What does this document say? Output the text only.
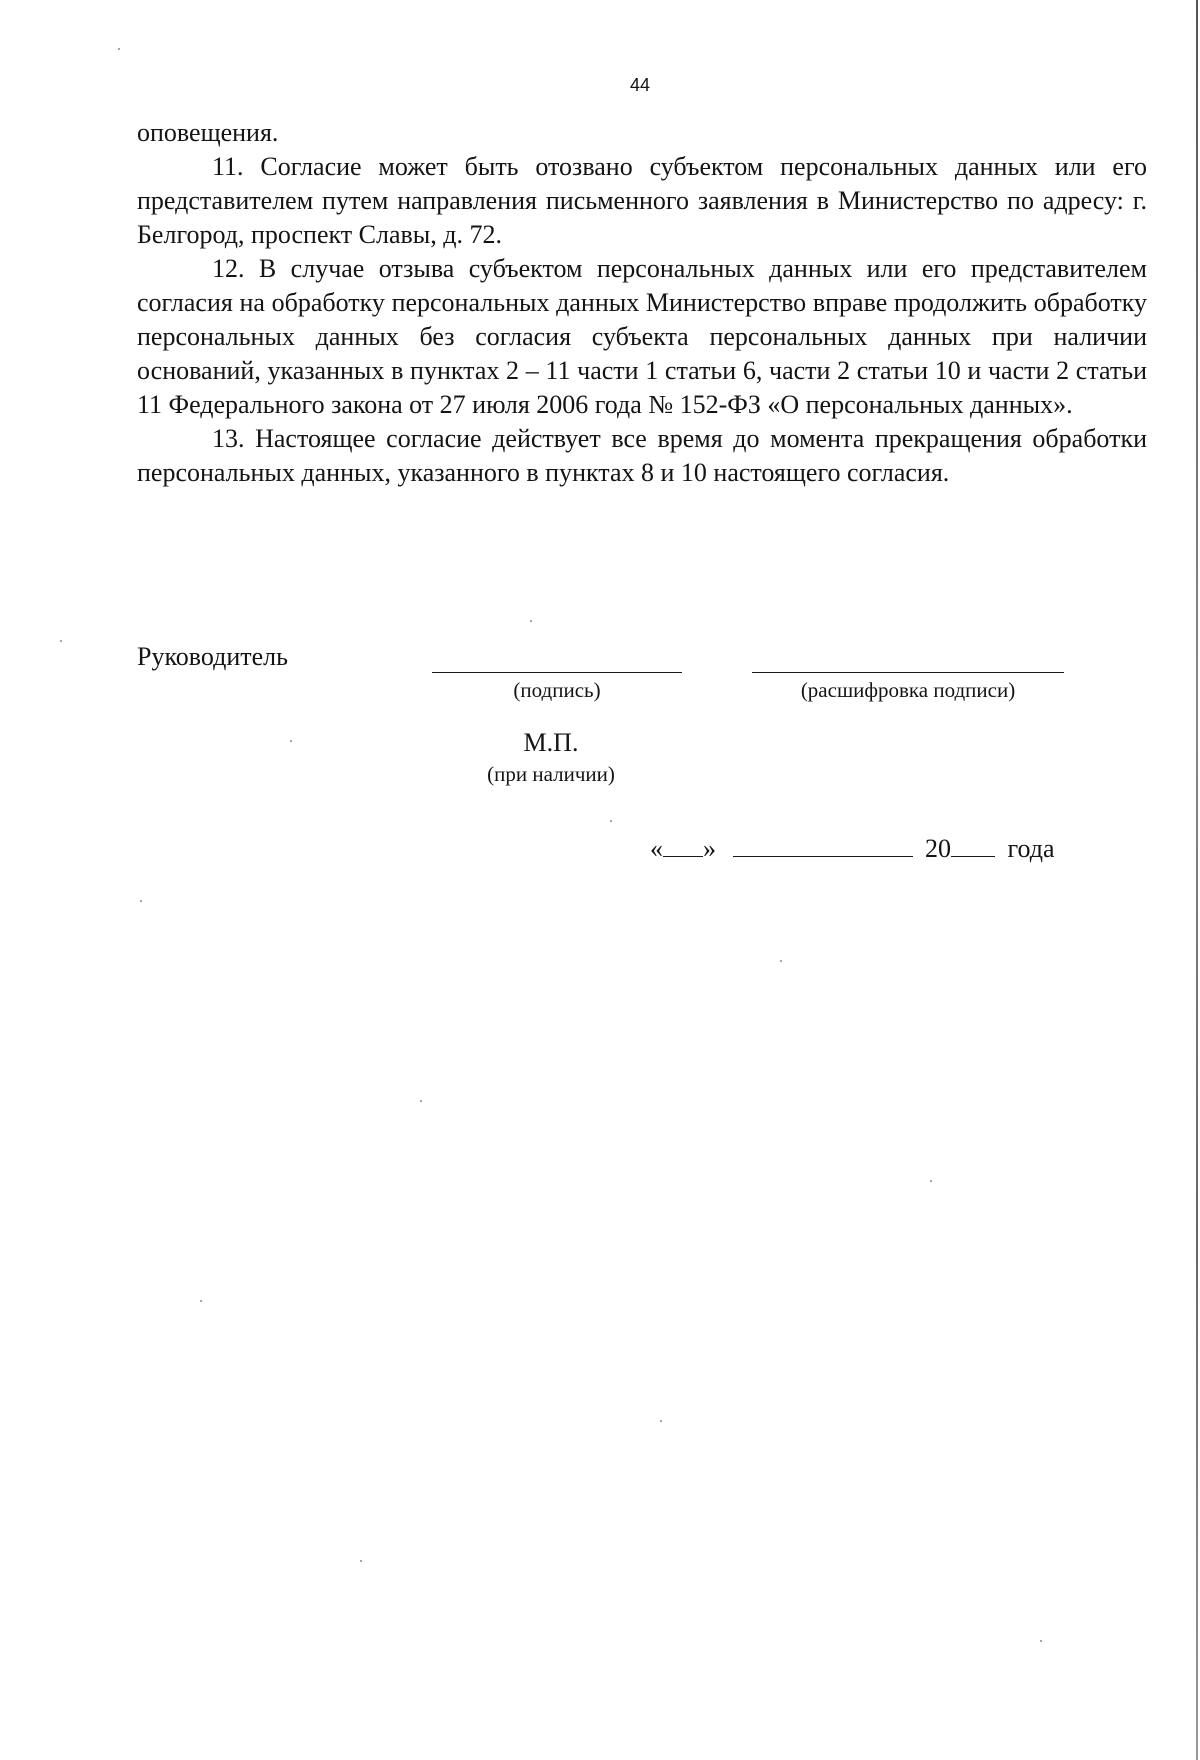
44

оповещения.

11. Согласие может быть отозвано субъектом персональных данных или его представителем путем направления письменного заявления в Министерство по адресу: г. Белгород, проспект Славы, д. 72.

12. В случае отзыва субъектом персональных данных или его представителем согласия на обработку персональных данных Министерство вправе продолжить обработку персональных данных без согласия субъекта персональных данных при наличии оснований, указанных в пунктах 2 – 11 части 1 статьи 6, части 2 статьи 10 и части 2 статьи 11 Федерального закона от 27 июля 2006 года № 152-ФЗ «О персональных данных».

13. Настоящее согласие действует все время до момента прекращения обработки персональных данных, указанного в пунктах 8 и 10 настоящего согласия.

Руководитель
(подпись)	(расшифровка подписи)
М.П.
(при наличии)
« »	20 года
